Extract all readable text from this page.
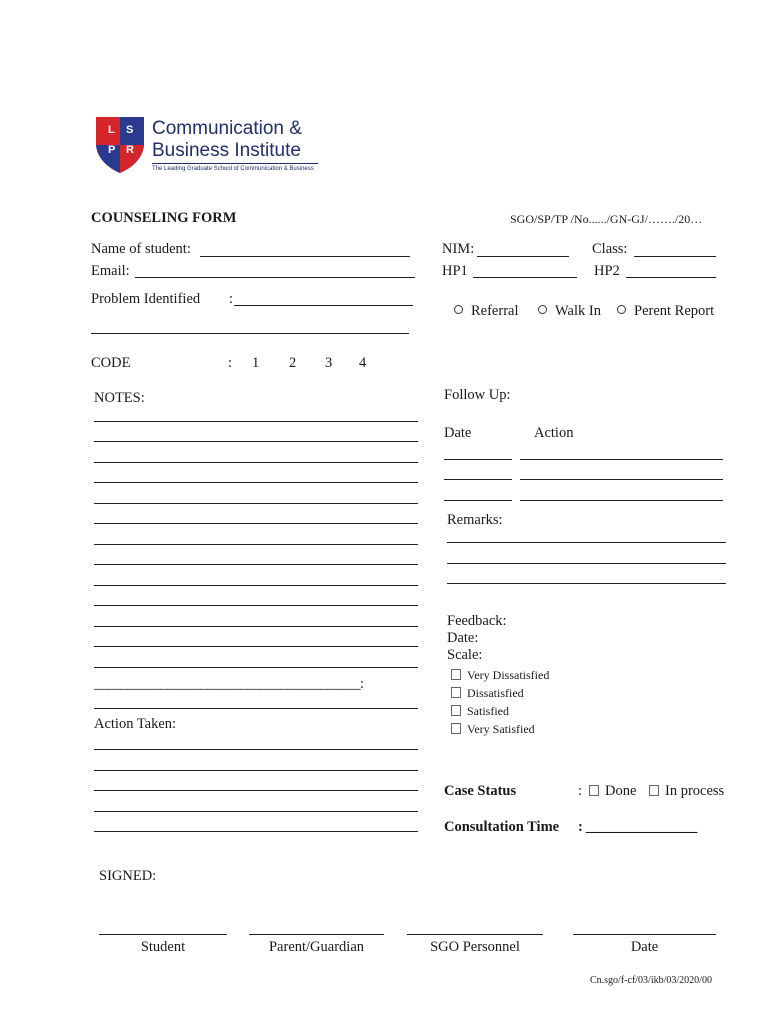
L S
P R
Communication &
Business Institute
The Leading Graduate School of Communication & Business
COUNSELING FORM	SGO/SP/TP /No....../GN-GJ/……./20…
Name of student:
Email:
NIM:	Class:
HP1	HP2
Problem Identified :
Referral	Walk In	Perent Report
CODE	: 1 2 3 4
NOTES:
________________________________________:
Action Taken:
Follow Up:
Date	Action
Remarks:
Feedback:
Date:
Scale:
Very Dissatisfied
Dissatisfied
Satisfied
Very Satisfied
Case Status	:	Done	In process
Consultation Time : ________________
SIGNED:
Student	Parent/Guardian	SGO Personnel	Date
Cn.sgo/f-cf/03/ikb/03/2020/00
